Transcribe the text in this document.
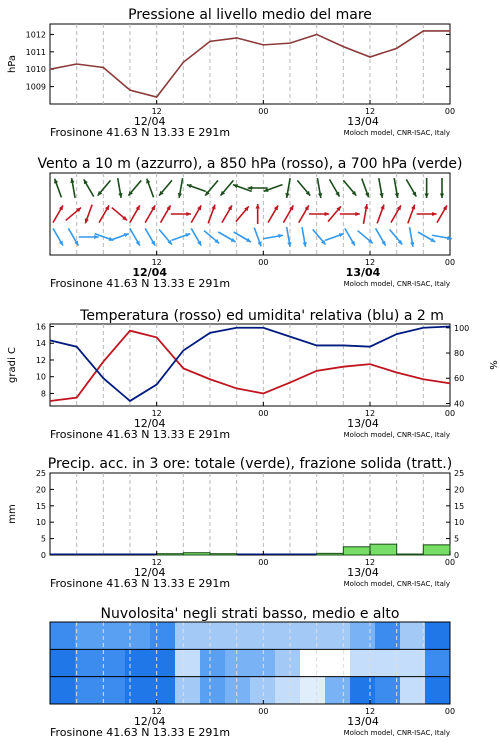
Pressione al livello medio del mare
1009
1010
1011
1012
hPa
12	00	12	00
12/04	13/04
Frosinone 41.63 N 13.33 E 291m	Moloch model, CNR-ISAC, Italy
Vento a 10 m (azzurro), a 850 hPa (rosso), a 700 hPa (verde)
12	00	12	00
12/04	13/04
Frosinone 41.63 N 13.33 E 291m	Moloch model, CNR-ISAC, Italy
Temperatura (rosso) ed umidita' relativa (blu) a 2 m
8
10
12
14
16
40
60
80
100
gradi C	%
12	00	12	00
12/04	13/04
Frosinone 41.63 N 13.33 E 291m	Moloch model, CNR-ISAC, Italy
Precip. acc. in 3 ore: totale (verde), frazione solida (tratt.)
0
5
10
15
20
25
0
5
10
15
20
25
mm
12	00	12	00
12/04	13/04
Frosinone 41.63 N 13.33 E 291m	Moloch model, CNR-ISAC, Italy
Nuvolosita' negli strati basso, medio e alto
12	00	12	00
12/04	13/04
Frosinone 41.63 N 13.33 E 291m	Moloch model, CNR-ISAC, Italy
